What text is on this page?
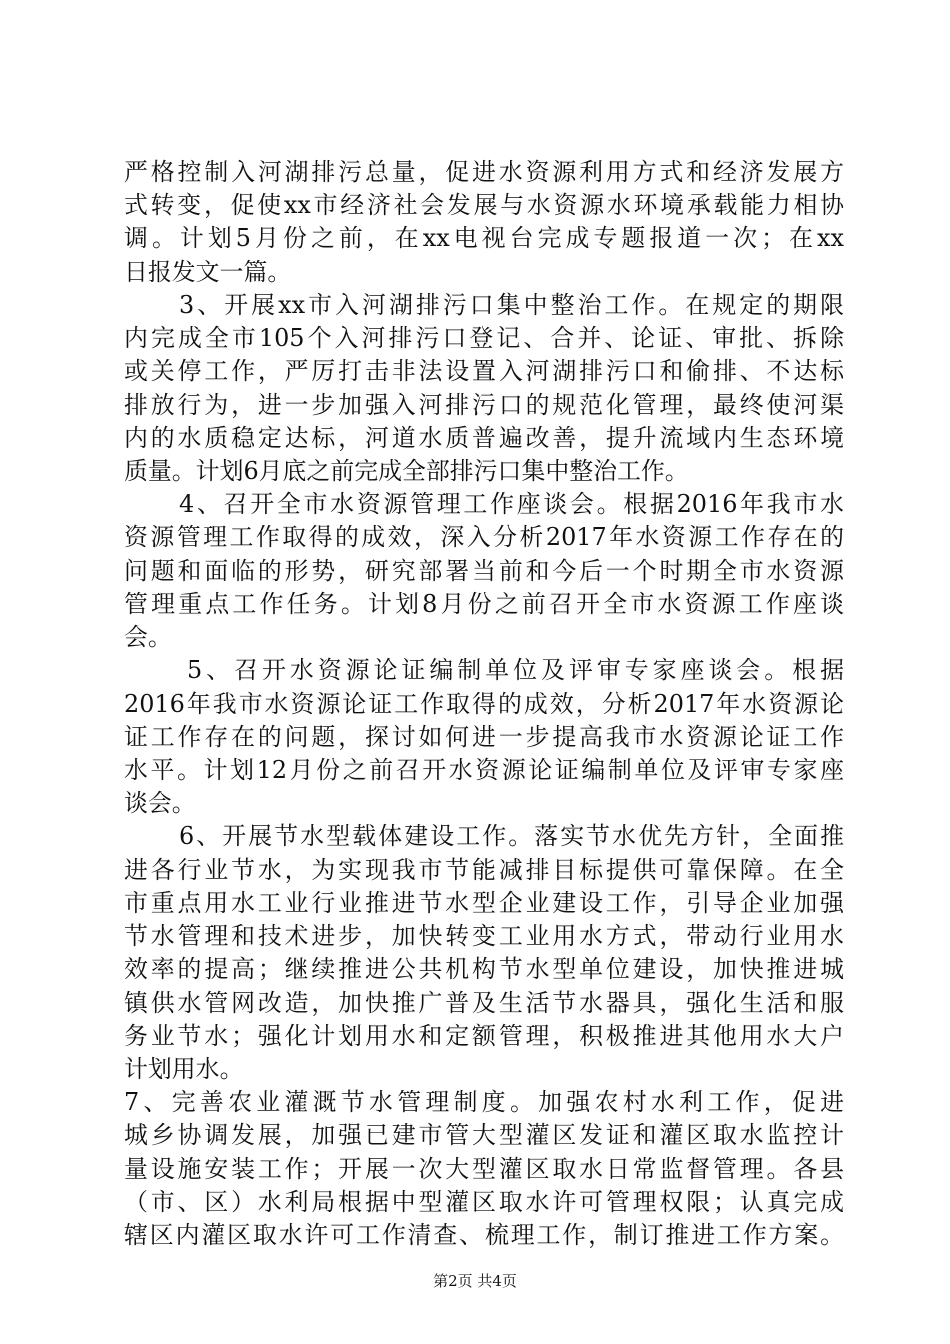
严格控制入河湖排污总量，促进水资源利用方式和经济发展方
式转变，促使xx市经济社会发展与水资源水环境承载能力相协
调。计划5月份之前，在xx电视台完成专题报道一次；在xx
日报发文一篇。
3、开展xx市入河湖排污口集中整治工作。在规定的期限
内完成全市105个入河排污口登记、合并、论证、审批、拆除
或关停工作，严厉打击非法设置入河湖排污口和偷排、不达标
排放行为，进一步加强入河排污口的规范化管理，最终使河渠
内的水质稳定达标，河道水质普遍改善，提升流域内生态环境
质量。计划6月底之前完成全部排污口集中整治工作。
4、召开全市水资源管理工作座谈会。根据2016年我市水
资源管理工作取得的成效，深入分析2017年水资源工作存在的
问题和面临的形势，研究部署当前和今后一个时期全市水资源
管理重点工作任务。计划8月份之前召开全市水资源工作座谈
会。
5、召开水资源论证编制单位及评审专家座谈会。根据
2016年我市水资源论证工作取得的成效，分析2017年水资源论
证工作存在的问题，探讨如何进一步提高我市水资源论证工作
水平。计划12月份之前召开水资源论证编制单位及评审专家座
谈会。
6、开展节水型载体建设工作。落实节水优先方针，全面推
进各行业节水，为实现我市节能减排目标提供可靠保障。在全
市重点用水工业行业推进节水型企业建设工作，引导企业加强
节水管理和技术进步，加快转变工业用水方式，带动行业用水
效率的提高；继续推进公共机构节水型单位建设，加快推进城
镇供水管网改造，加快推广普及生活节水器具，强化生活和服
务业节水；强化计划用水和定额管理，积极推进其他用水大户
计划用水。
7、完善农业灌溉节水管理制度。加强农村水利工作，促进
城乡协调发展，加强已建市管大型灌区发证和灌区取水监控计
量设施安装工作；开展一次大型灌区取水日常监督管理。各县
（市、区）水利局根据中型灌区取水许可管理权限；认真完成
辖区内灌区取水许可工作清查、梳理工作，制订推进工作方案。
第2页 共4页
